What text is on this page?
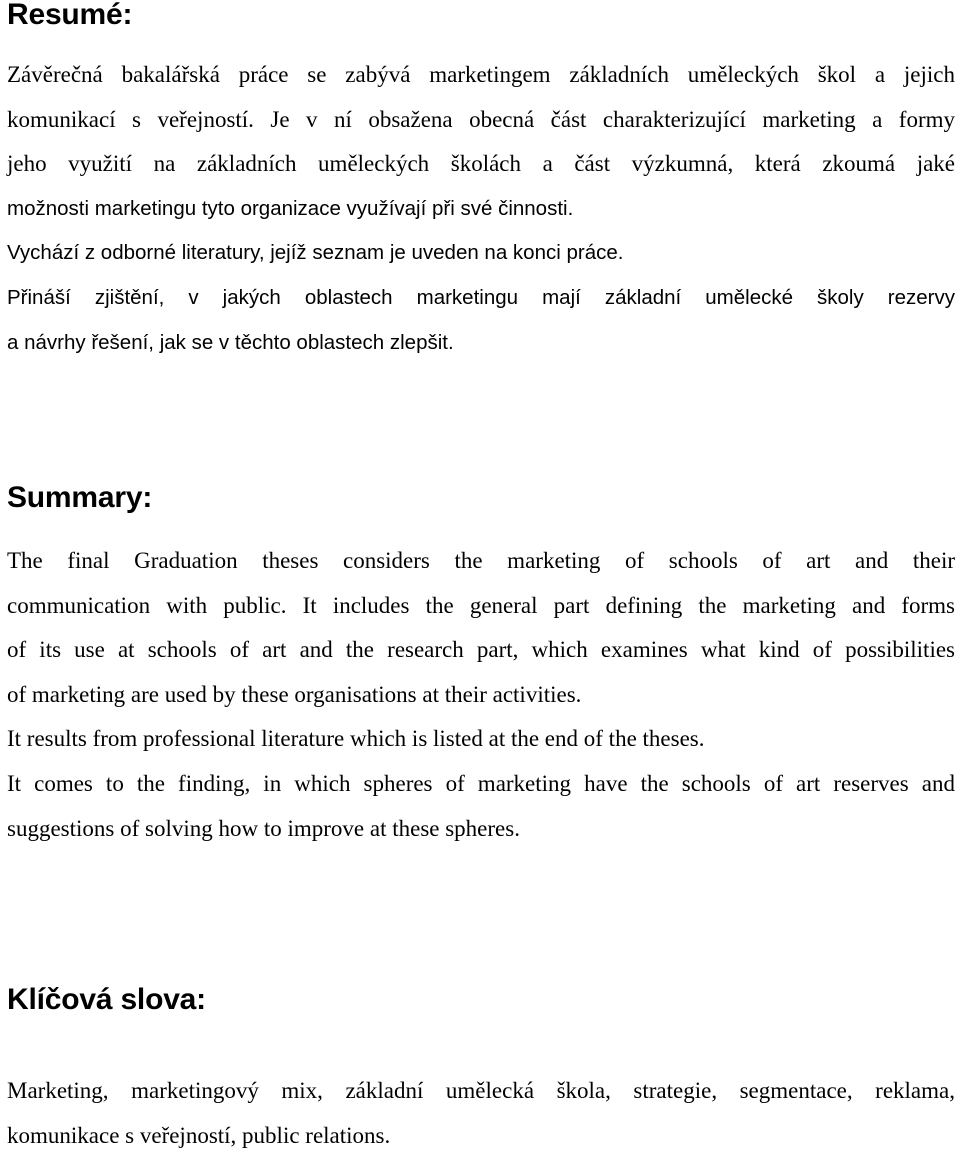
Resumé:
Závěrečná bakalářská práce se zabývá marketingem základních uměleckých škol a jejich
komunikací s veřejností. Je v ní obsažena obecná část charakterizující marketing a formy
jeho využití na základních uměleckých školách a část výzkumná, která zkoumá jaké
možnosti marketingu tyto organizace využívají při své činnosti.
Vychází z odborné literatury, jejíž seznam je uveden na konci práce.
Přináší zjištění, v jakých oblastech marketingu mají základní umělecké školy rezervy
a návrhy řešení, jak se v těchto oblastech zlepšit.
Summary:
The final Graduation theses considers the marketing of schools of art and their
communication with public. It includes the general part defining the marketing and forms
of its use at schools of art and the research part, which examines what kind of possibilities
of marketing are used by these organisations at their activities.
It results from professional literature which is listed at the end of the theses.
It comes to the finding, in which spheres of marketing have the schools of art reserves and
suggestions of solving how to improve at these spheres.
Klíčová slova:
Marketing, marketingový mix, základní umělecká škola, strategie, segmentace, reklama,
komunikace s veřejností, public relations.
